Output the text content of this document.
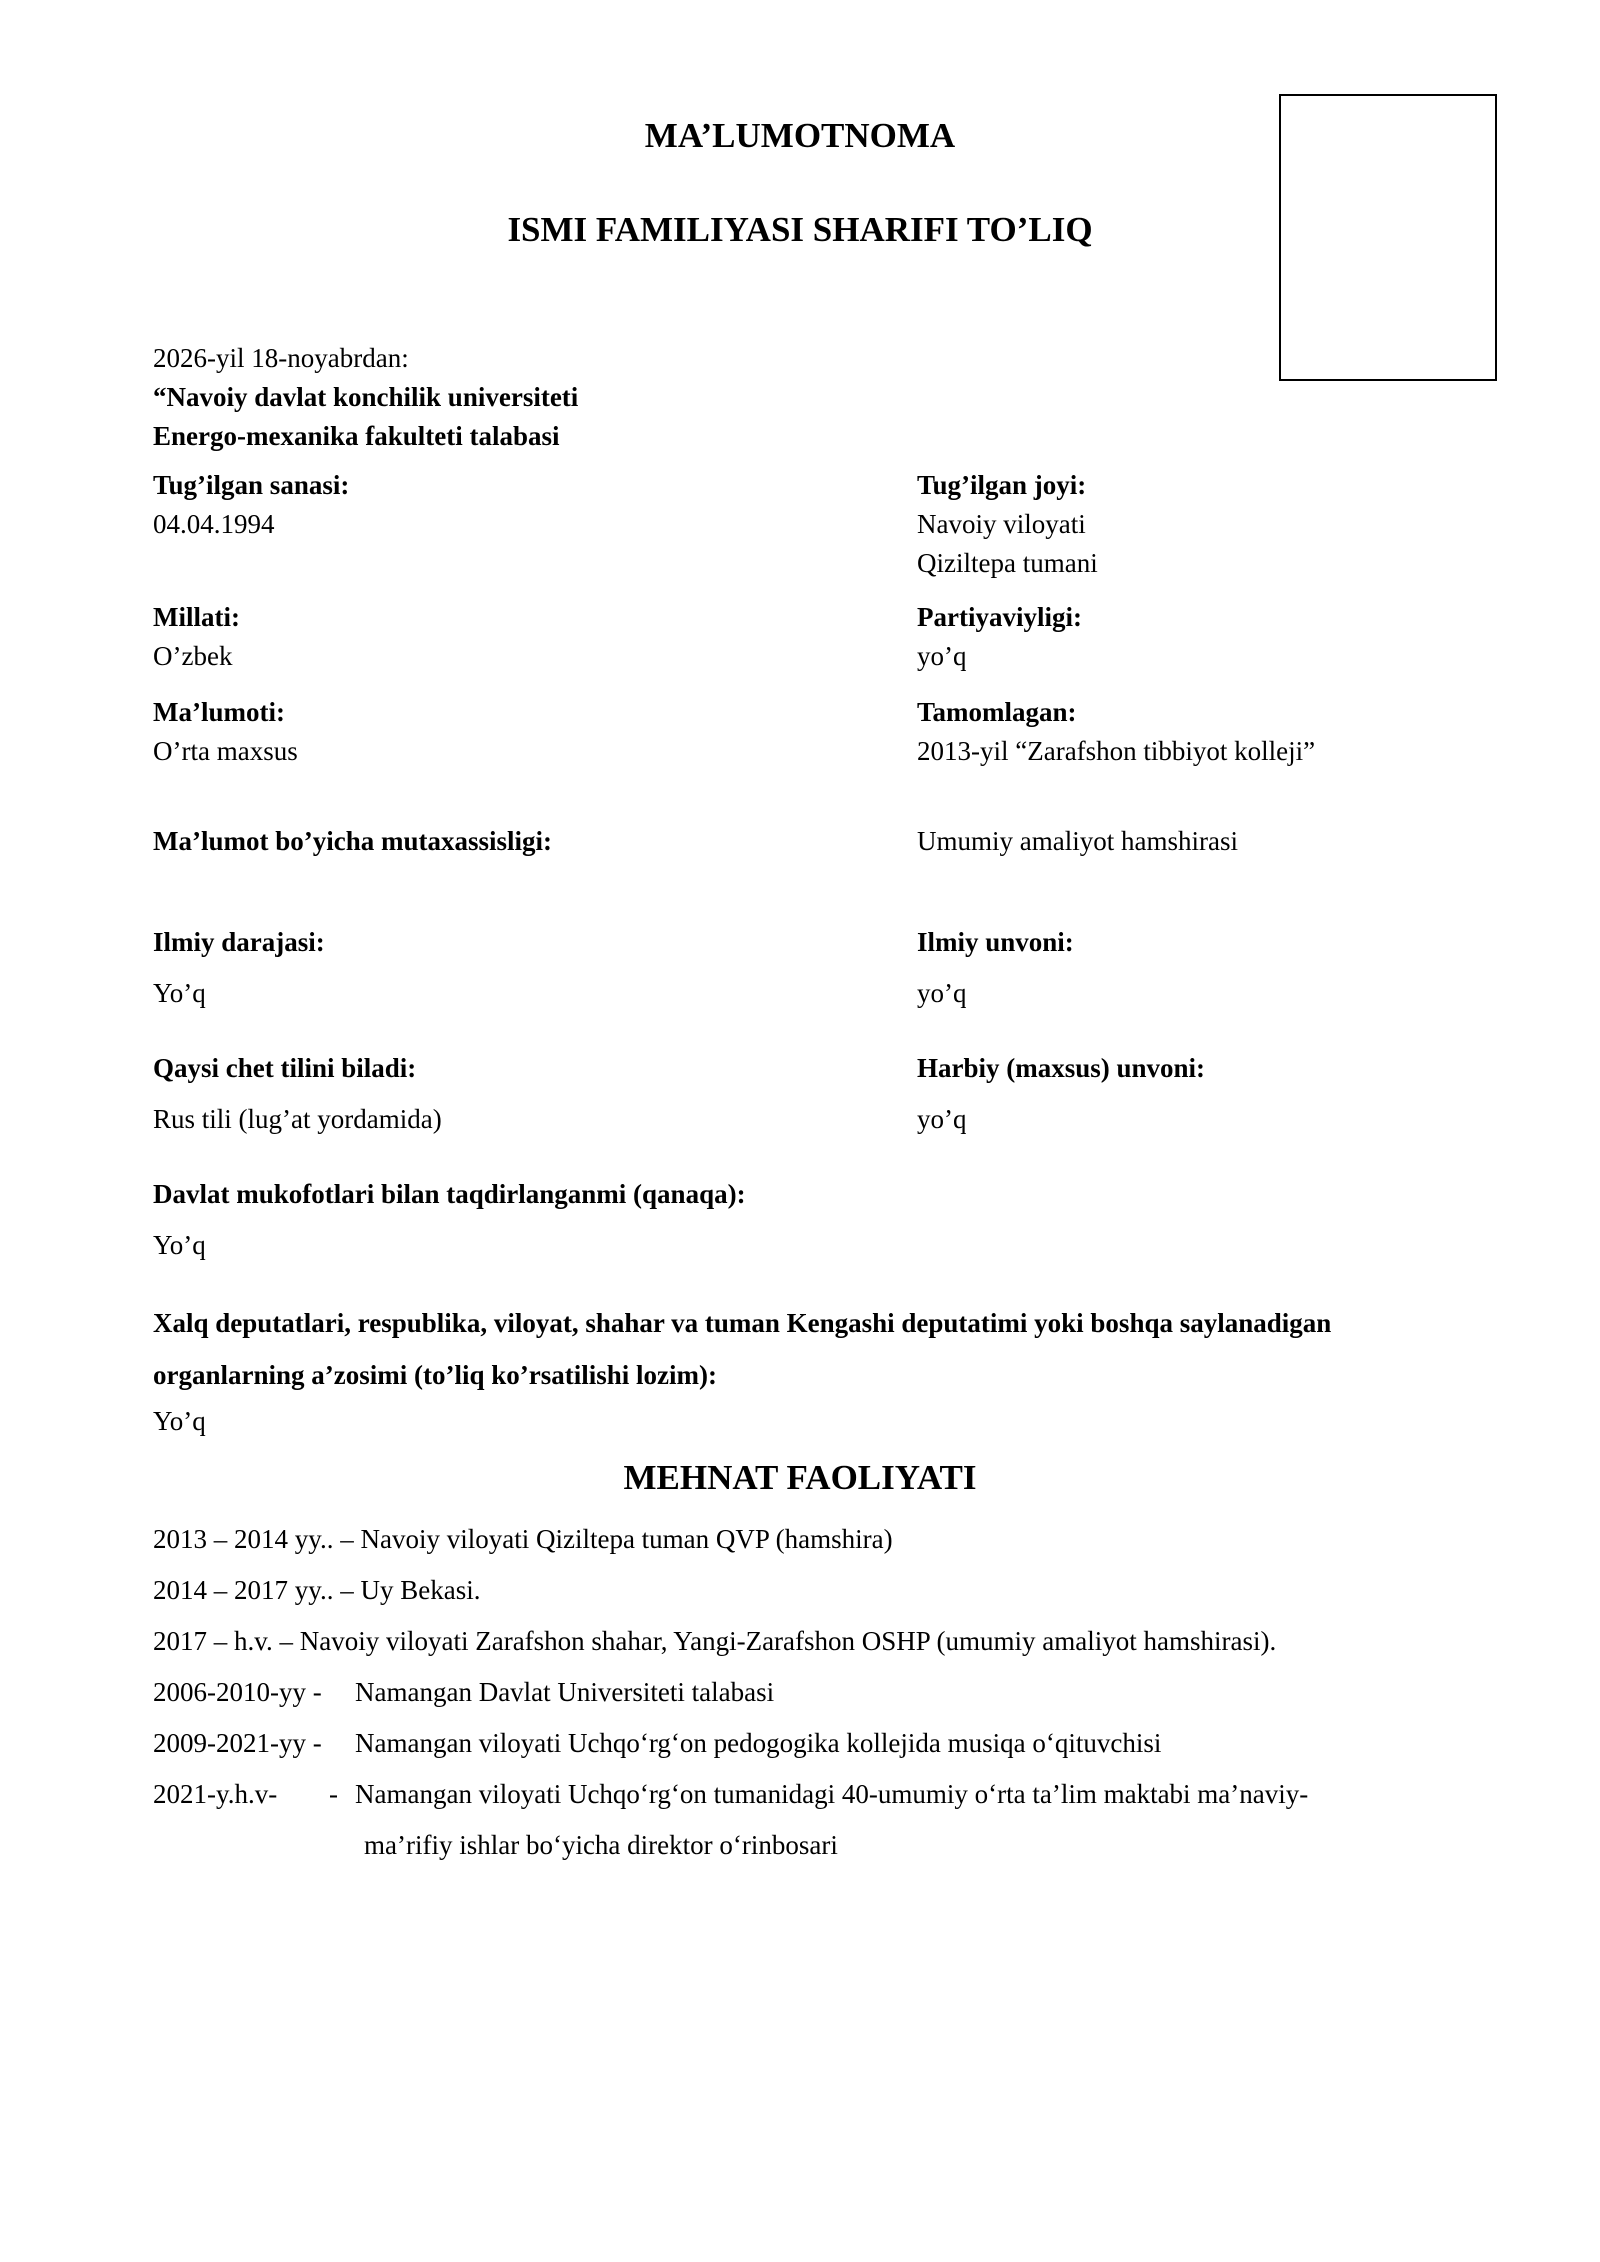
MA’LUMOTNOMA
ISMI FAMILIYASI SHARIFI TO’LIQ
2026-yil 18-noyabrdan:
“Navoiy davlat konchilik universiteti
Energo-mexanika fakulteti talabasi
Tug’ilgan sanasi:
04.04.1994
Tug’ilgan joyi:
Navoiy viloyati
Qiziltepa tumani
Millati:
O’zbek
Partiyaviyligi:
yo’q
Ma’lumoti:
O’rta maxsus
Tamomlagan:
2013-yil “Zarafshon tibbiyot kolleji”
Ma’lumot bo’yicha mutaxassisligi:	Umumiy amaliyot hamshirasi
Ilmiy darajasi:
Yo’q
Ilmiy unvoni:
yo’q
Qaysi chet tilini biladi:
Rus tili (lug’at yordamida)
Harbiy (maxsus) unvoni:
yo’q
Davlat mukofotlari bilan taqdirlanganmi (qanaqa):
Yo’q
Xalq deputatlari, respublika, viloyat, shahar va tuman Kengashi deputatimi yoki boshqa saylanadigan organlarning a’zosimi (to’liq ko’rsatilishi lozim):
Yo’q
MEHNAT FAOLIYATI
2013 – 2014 yy.. – Navoiy viloyati Qiziltepa tuman QVP (hamshira)
2014 – 2017 yy.. – Uy Bekasi.
2017 – h.v. – Navoiy viloyati Zarafshon shahar, Yangi-Zarafshon OSHP (umumiy amaliyot hamshirasi).
2006-2010-yy - Namangan Davlat Universiteti talabasi
2009-2021-yy - Namangan viloyati Uchqo‘rg‘on pedogogika kollejida musiqa o‘qituvchisi
2021-y.h.v- - Namangan viloyati Uchqo‘rg‘on tumanidagi 40-umumiy o‘rta ta’lim maktabi ma’naviy-
ma’rifiy ishlar bo‘yicha direktor o‘rinbosari
